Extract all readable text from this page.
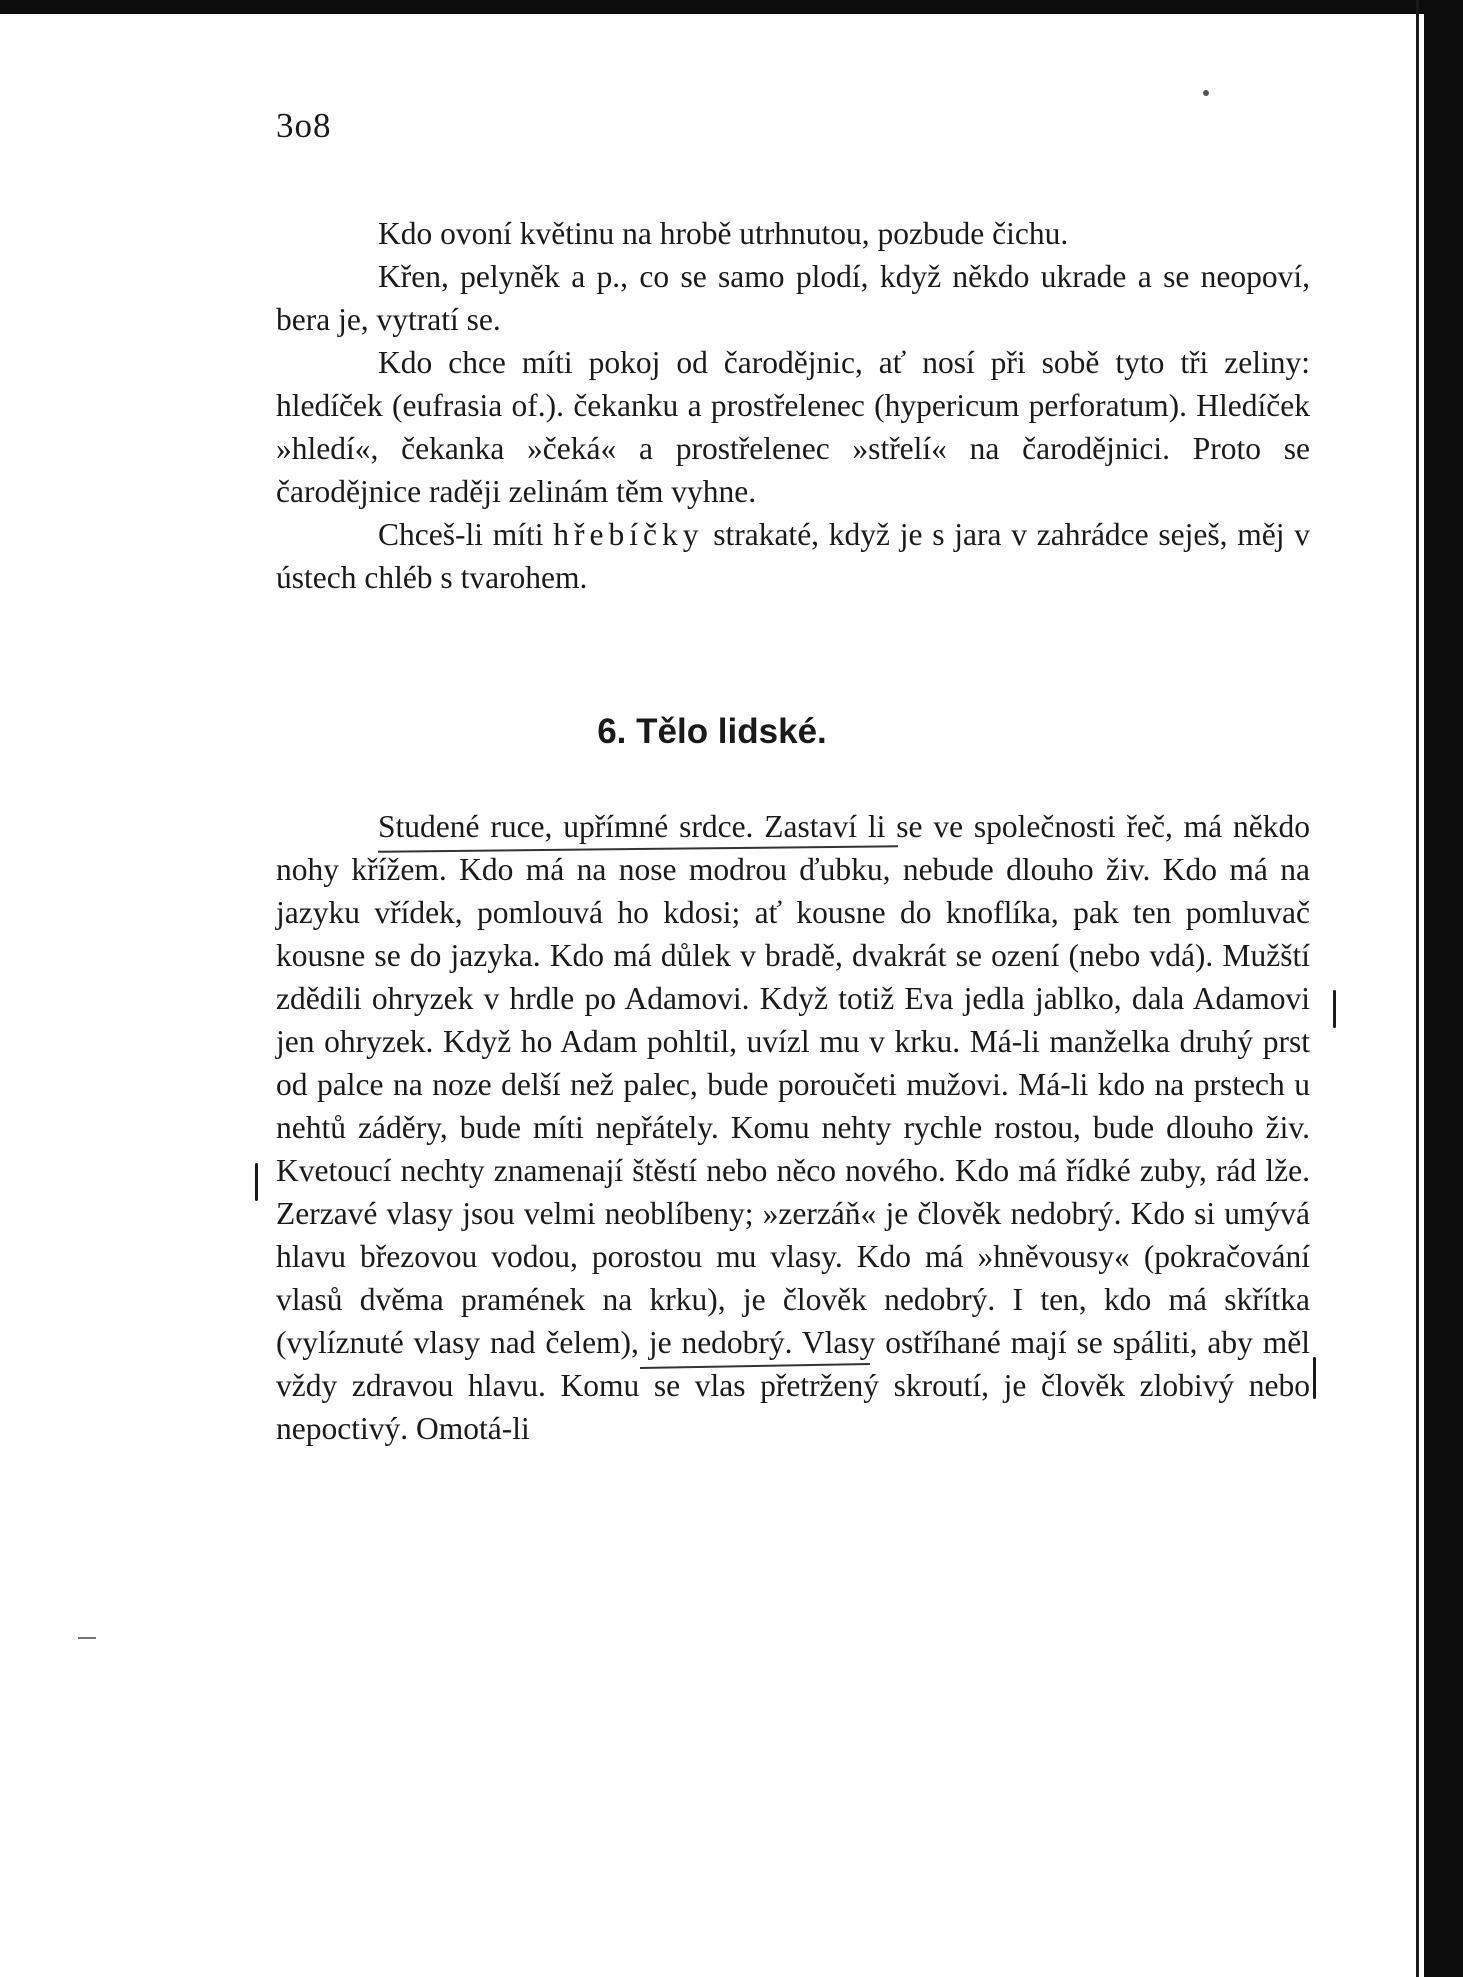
3o8

Kdo ovoní květinu na hrobě utrhnutou, pozbude čichu.

Křen, pelyněk a p., co se samo plodí, když někdo ukrade a se neopoví, bera je, vytratí se.

Kdo chce míti pokoj od čarodějnic, ať nosí při sobě tyto tři zeliny: hledíček (eufrasia of.). čekanku a prostřelenec (hypericum perforatum). Hledíček »hledí«, čekanka »čeká« a prostřelenec »střelí« na čarodějnici. Proto se čarodějnice raději zelinám těm vyhne.

Chceš-li míti hřebíčky strakaté, když je s jara v zahrádce seješ, měj v ústech chléb s tvarohem.

6. Tělo lidské.

Studené ruce, upřímné srdce. Zastaví li se ve společnosti řeč, má někdo nohy křížem. Kdo má na nose modrou ďubku, nebude dlouho živ. Kdo má na jazyku vřídek, pomlouvá ho kdosi; ať kousne do knoflíka, pak ten pomluvač kousne se do jazyka. Kdo má důlek v bradě, dvakrát se ození (nebo vdá). Mužští zdědili ohryzek v hrdle po Adamovi. Když totiž Eva jedla jablko, dala Adamovi jen ohryzek. Když ho Adam pohltil, uvízl mu v krku. Má-li manželka druhý prst od palce na noze delší než palec, bude poroučeti mužovi. Má-li kdo na prstech u nehtů záděry, bude míti nepřátely. Komu nehty rychle rostou, bude dlouho živ. Kvetoucí nechty znamenají štěstí nebo něco nového. Kdo má řídké zuby, rád lže. Zerzavé vlasy jsou velmi neoblíbeny; »zerzáň« je člověk nedobrý. Kdo si umývá hlavu březovou vodou, porostou mu vlasy. Kdo má »hněvousy« (pokračování vlasů dvěma pramének na krku), je člověk nedobrý. I ten, kdo má skřítka (vylíznuté vlasy nad čelem), je nedobrý. Vlasy ostříhané mají se spáliti, aby měl vždy zdravou hlavu. Komu se vlas přetržený skroutí, je člověk zlobivý nebo nepoctivý. Omotá-li
